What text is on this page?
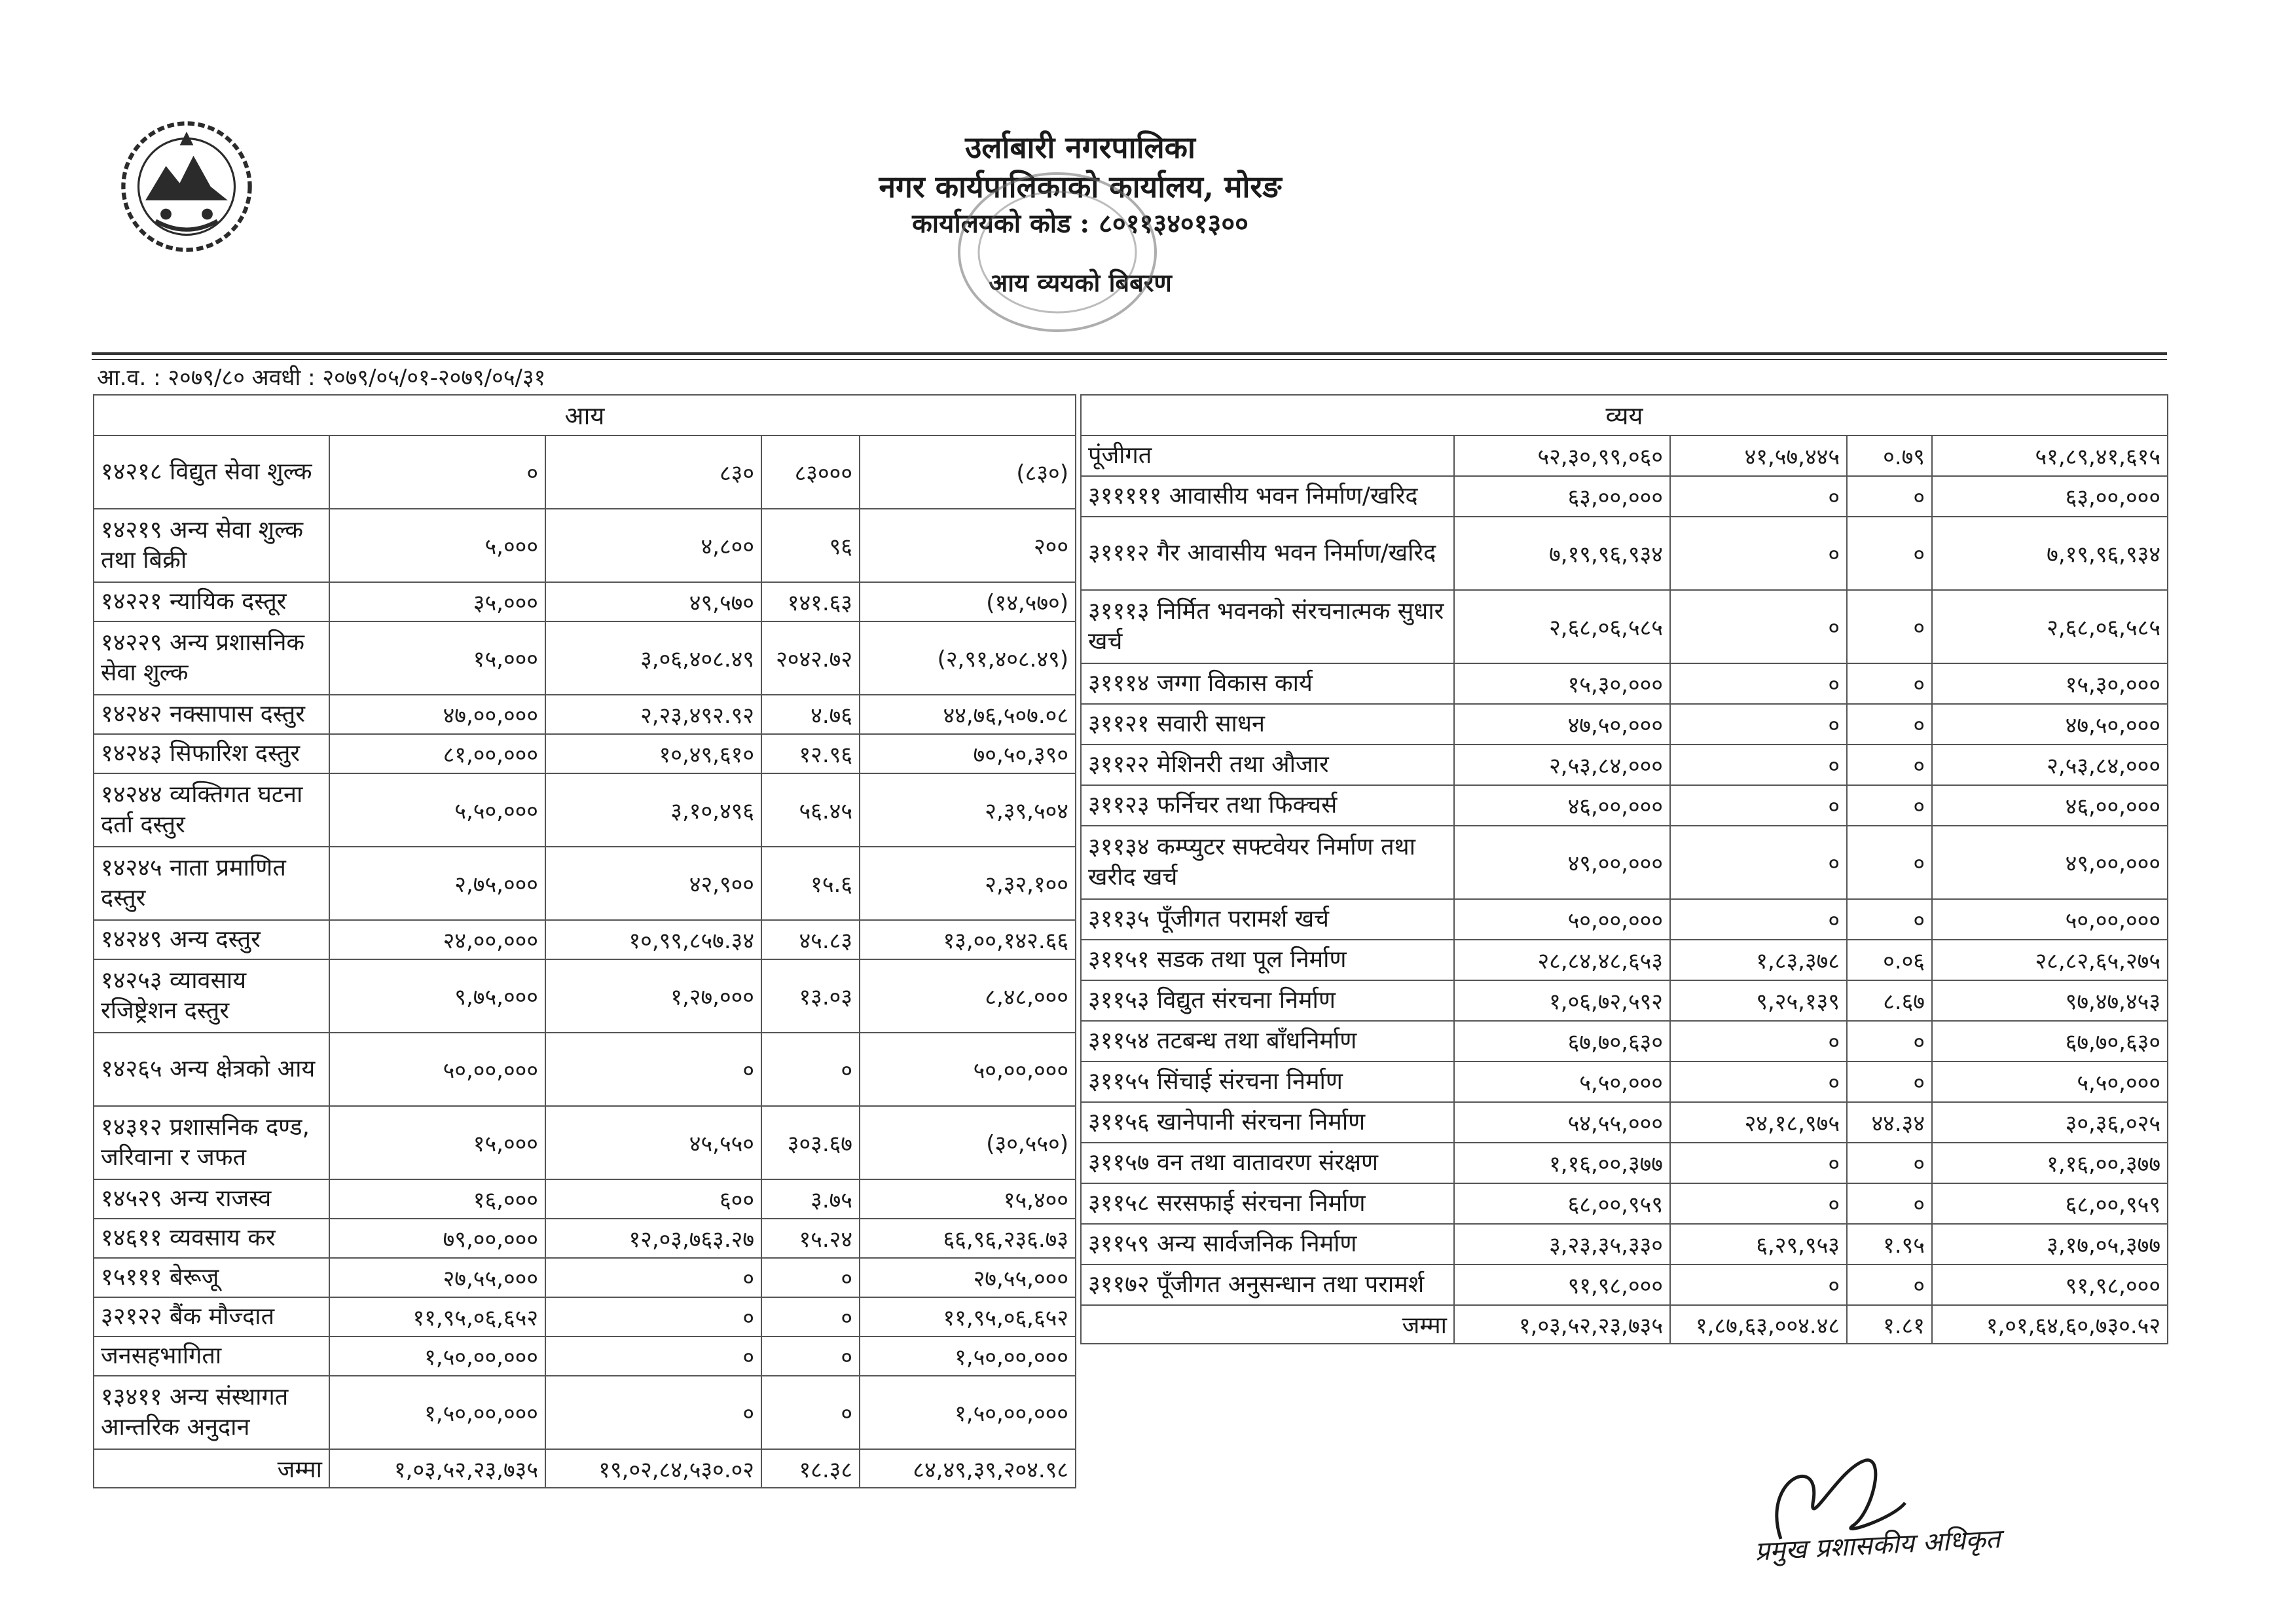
उर्लाबारी नगरपालिका
नगर कार्यपालिकाको कार्यालय, मोरङ
कार्यालयको कोड : ८०११३४०१३००
आय व्ययको बिबरण
आ.व. : २०७९/८० अवधी : २०७९/०५/०१-२०७९/०५/३१
आय				
१४२१८ विद्युत सेवा शुल्क	०	८३०	८३०००	(८३०)
१४२१९ अन्य सेवा शुल्क तथा बिक्री	५,०००	४,८००	९६	२००
१४२२१ न्यायिक दस्तूर	३५,०००	४९,५७०	१४१.६३	(१४,५७०)
१४२२९ अन्य प्रशासनिक सेवा शुल्क	१५,०००	३,०६,४०८.४९	२०४२.७२	(२,९१,४०८.४९)
१४२४२ नक्सापास दस्तुर	४७,००,०००	२,२३,४९२.९२	४.७६	४४,७६,५०७.०८
१४२४३ सिफारिश दस्तुर	८१,००,०००	१०,४९,६१०	१२.९६	७०,५०,३९०
१४२४४ व्यक्तिगत घटना दर्ता दस्तुर	५,५०,०००	३,१०,४९६	५६.४५	२,३९,५०४
१४२४५ नाता प्रमाणित दस्तुर	२,७५,०००	४२,९००	१५.६	२,३२,१००
१४२४९ अन्य दस्तुर	२४,००,०००	१०,९९,८५७.३४	४५.८३	१३,००,१४२.६६
१४२५३ व्यावसाय रजिष्ट्रेशन दस्तुर	९,७५,०००	१,२७,०००	१३.०३	८,४८,०००
१४२६५ अन्य क्षेत्रको आय	५०,००,०००	०	०	५०,००,०००
१४३१२ प्रशासनिक दण्ड, जरिवाना र जफत	१५,०००	४५,५५०	३०३.६७	(३०,५५०)
१४५२९ अन्य राजस्व	१६,०००	६००	३.७५	१५,४००
१४६११ व्यवसाय कर	७९,००,०००	१२,०३,७६३.२७	१५.२४	६६,९६,२३६.७३
१५१११ बेरूजू	२७,५५,०००	०	०	२७,५५,०००
३२१२२ बैंक मौज्दात	११,९५,०६,६५२	०	०	११,९५,०६,६५२
जनसहभागिता	१,५०,००,०००	०	०	१,५०,००,०००
१३४११ अन्य संस्थागत आन्तरिक अनुदान	१,५०,००,०००	०	०	१,५०,००,०००
जम्मा	१,०३,५२,२३,७३५	१९,०२,८४,५३०.०२	१८.३८	८४,४९,३९,२०४.९८
व्यय				
पूंजीगत	५२,३०,९९,०६०	४१,५७,४४५	०.७९	५१,८९,४१,६१५
३१११११ आवासीय भवन निर्माण/खरिद	६३,००,०००	०	०	६३,००,०००
३१११२ गैर आवासीय भवन निर्माण/खरिद	७,१९,९६,९३४	०	०	७,१९,९६,९३४
३१११३ निर्मित भवनको संरचनात्मक सुधार खर्च	२,६८,०६,५८५	०	०	२,६८,०६,५८५
३१११४ जग्गा विकास कार्य	१५,३०,०००	०	०	१५,३०,०००
३११२१ सवारी साधन	४७,५०,०००	०	०	४७,५०,०००
३११२२ मेशिनरी तथा औजार	२,५३,८४,०००	०	०	२,५३,८४,०००
३११२३ फर्निचर तथा फिक्चर्स	४६,००,०००	०	०	४६,००,०००
३११३४ कम्प्युटर सफ्टवेयर निर्माण तथा खरीद खर्च	४९,००,०००	०	०	४९,००,०००
३११३५ पूँजीगत परामर्श खर्च	५०,००,०००	०	०	५०,००,०००
३११५१ सडक तथा पूल निर्माण	२८,८४,४८,६५३	१,८३,३७८	०.०६	२८,८२,६५,२७५
३११५३ विद्युत संरचना निर्माण	१,०६,७२,५९२	९,२५,१३९	८.६७	९७,४७,४५३
३११५४ तटबन्ध तथा बाँधनिर्माण	६७,७०,६३०	०	०	६७,७०,६३०
३११५५ सिंचाई संरचना निर्माण	५,५०,०००	०	०	५,५०,०००
३११५६ खानेपानी संरचना निर्माण	५४,५५,०००	२४,१८,९७५	४४.३४	३०,३६,०२५
३११५७ वन तथा वातावरण संरक्षण	१,१६,००,३७७	०	०	१,१६,००,३७७
३११५८ सरसफाई संरचना निर्माण	६८,००,९५९	०	०	६८,००,९५९
३११५९ अन्य सार्वजनिक निर्माण	३,२३,३५,३३०	६,२९,९५३	१.९५	३,१७,०५,३७७
३११७२ पूँजीगत अनुसन्धान तथा परामर्श	९१,९८,०००	०	०	९१,९८,०००
जम्मा	१,०३,५२,२३,७३५	१,८७,६३,००४.४८	१.८१	१,०१,६४,६०,७३०.५२
प्रमुख प्रशासकीय अधिकृत
